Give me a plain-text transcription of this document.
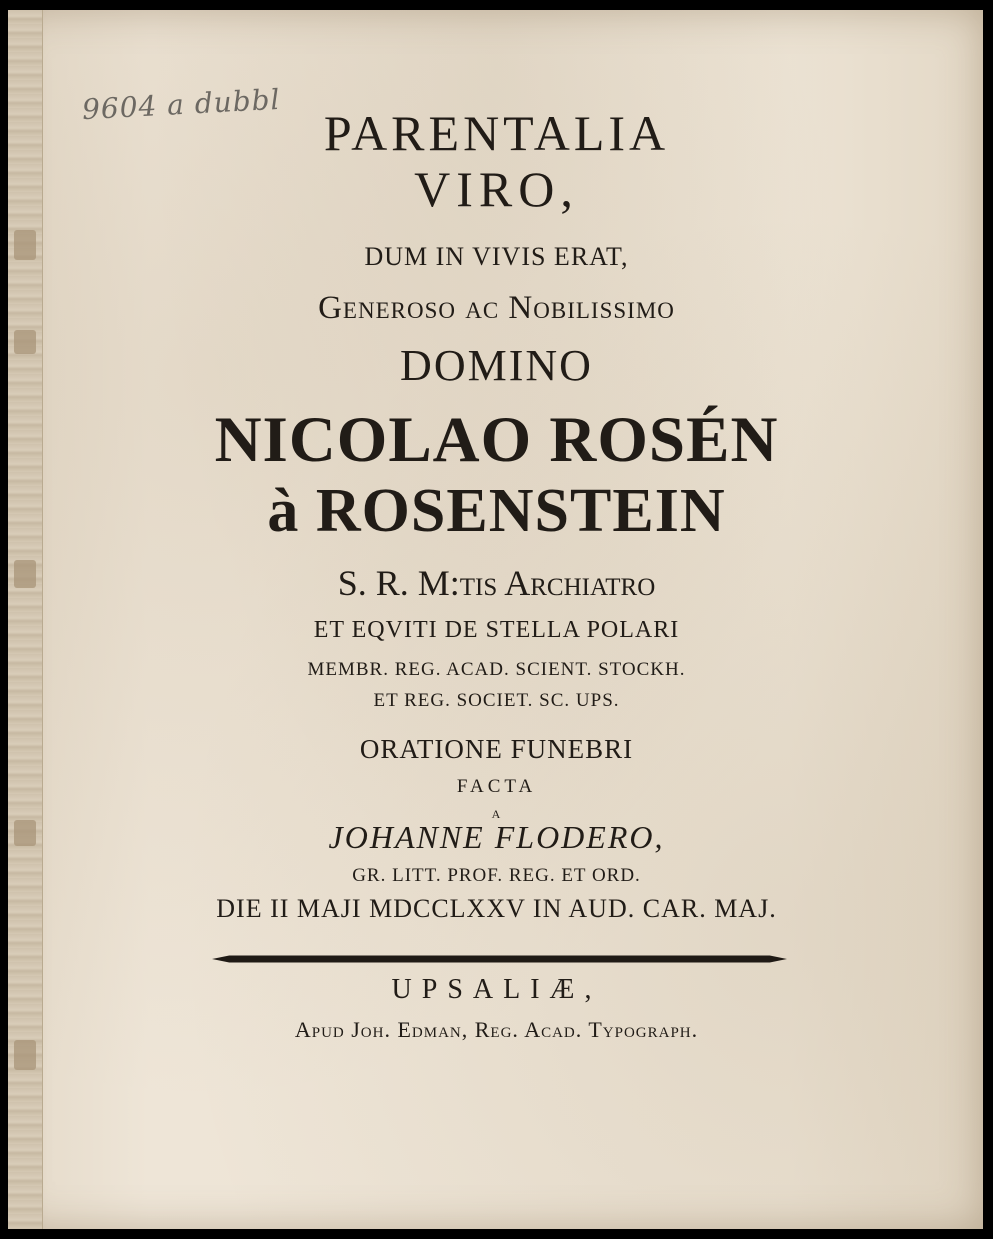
9604 a dubbl
PARENTALIA
VIRO,
DUM IN VIVIS ERAT,
Generoso ac Nobilissimo
DOMINO
NICOLAO ROSÉN
à ROSENSTEIN
S. R. M:tis Archiatro
ET EQVITI DE STELLA POLARI
MEMBR. REG. ACAD. SCIENT. STOCKH.
ET REG. SOCIET. SC. UPS.
ORATIONE FUNEBRI
FACTA
A
JOHANNE FLODERO,
GR. LITT. PROF. REG. ET ORD.
DIE II MAJI MDCCLXXV IN AUD. CAR. MAJ.
UPSALIÆ,
Apud Joh. Edman, Reg. Acad. Typograph.
